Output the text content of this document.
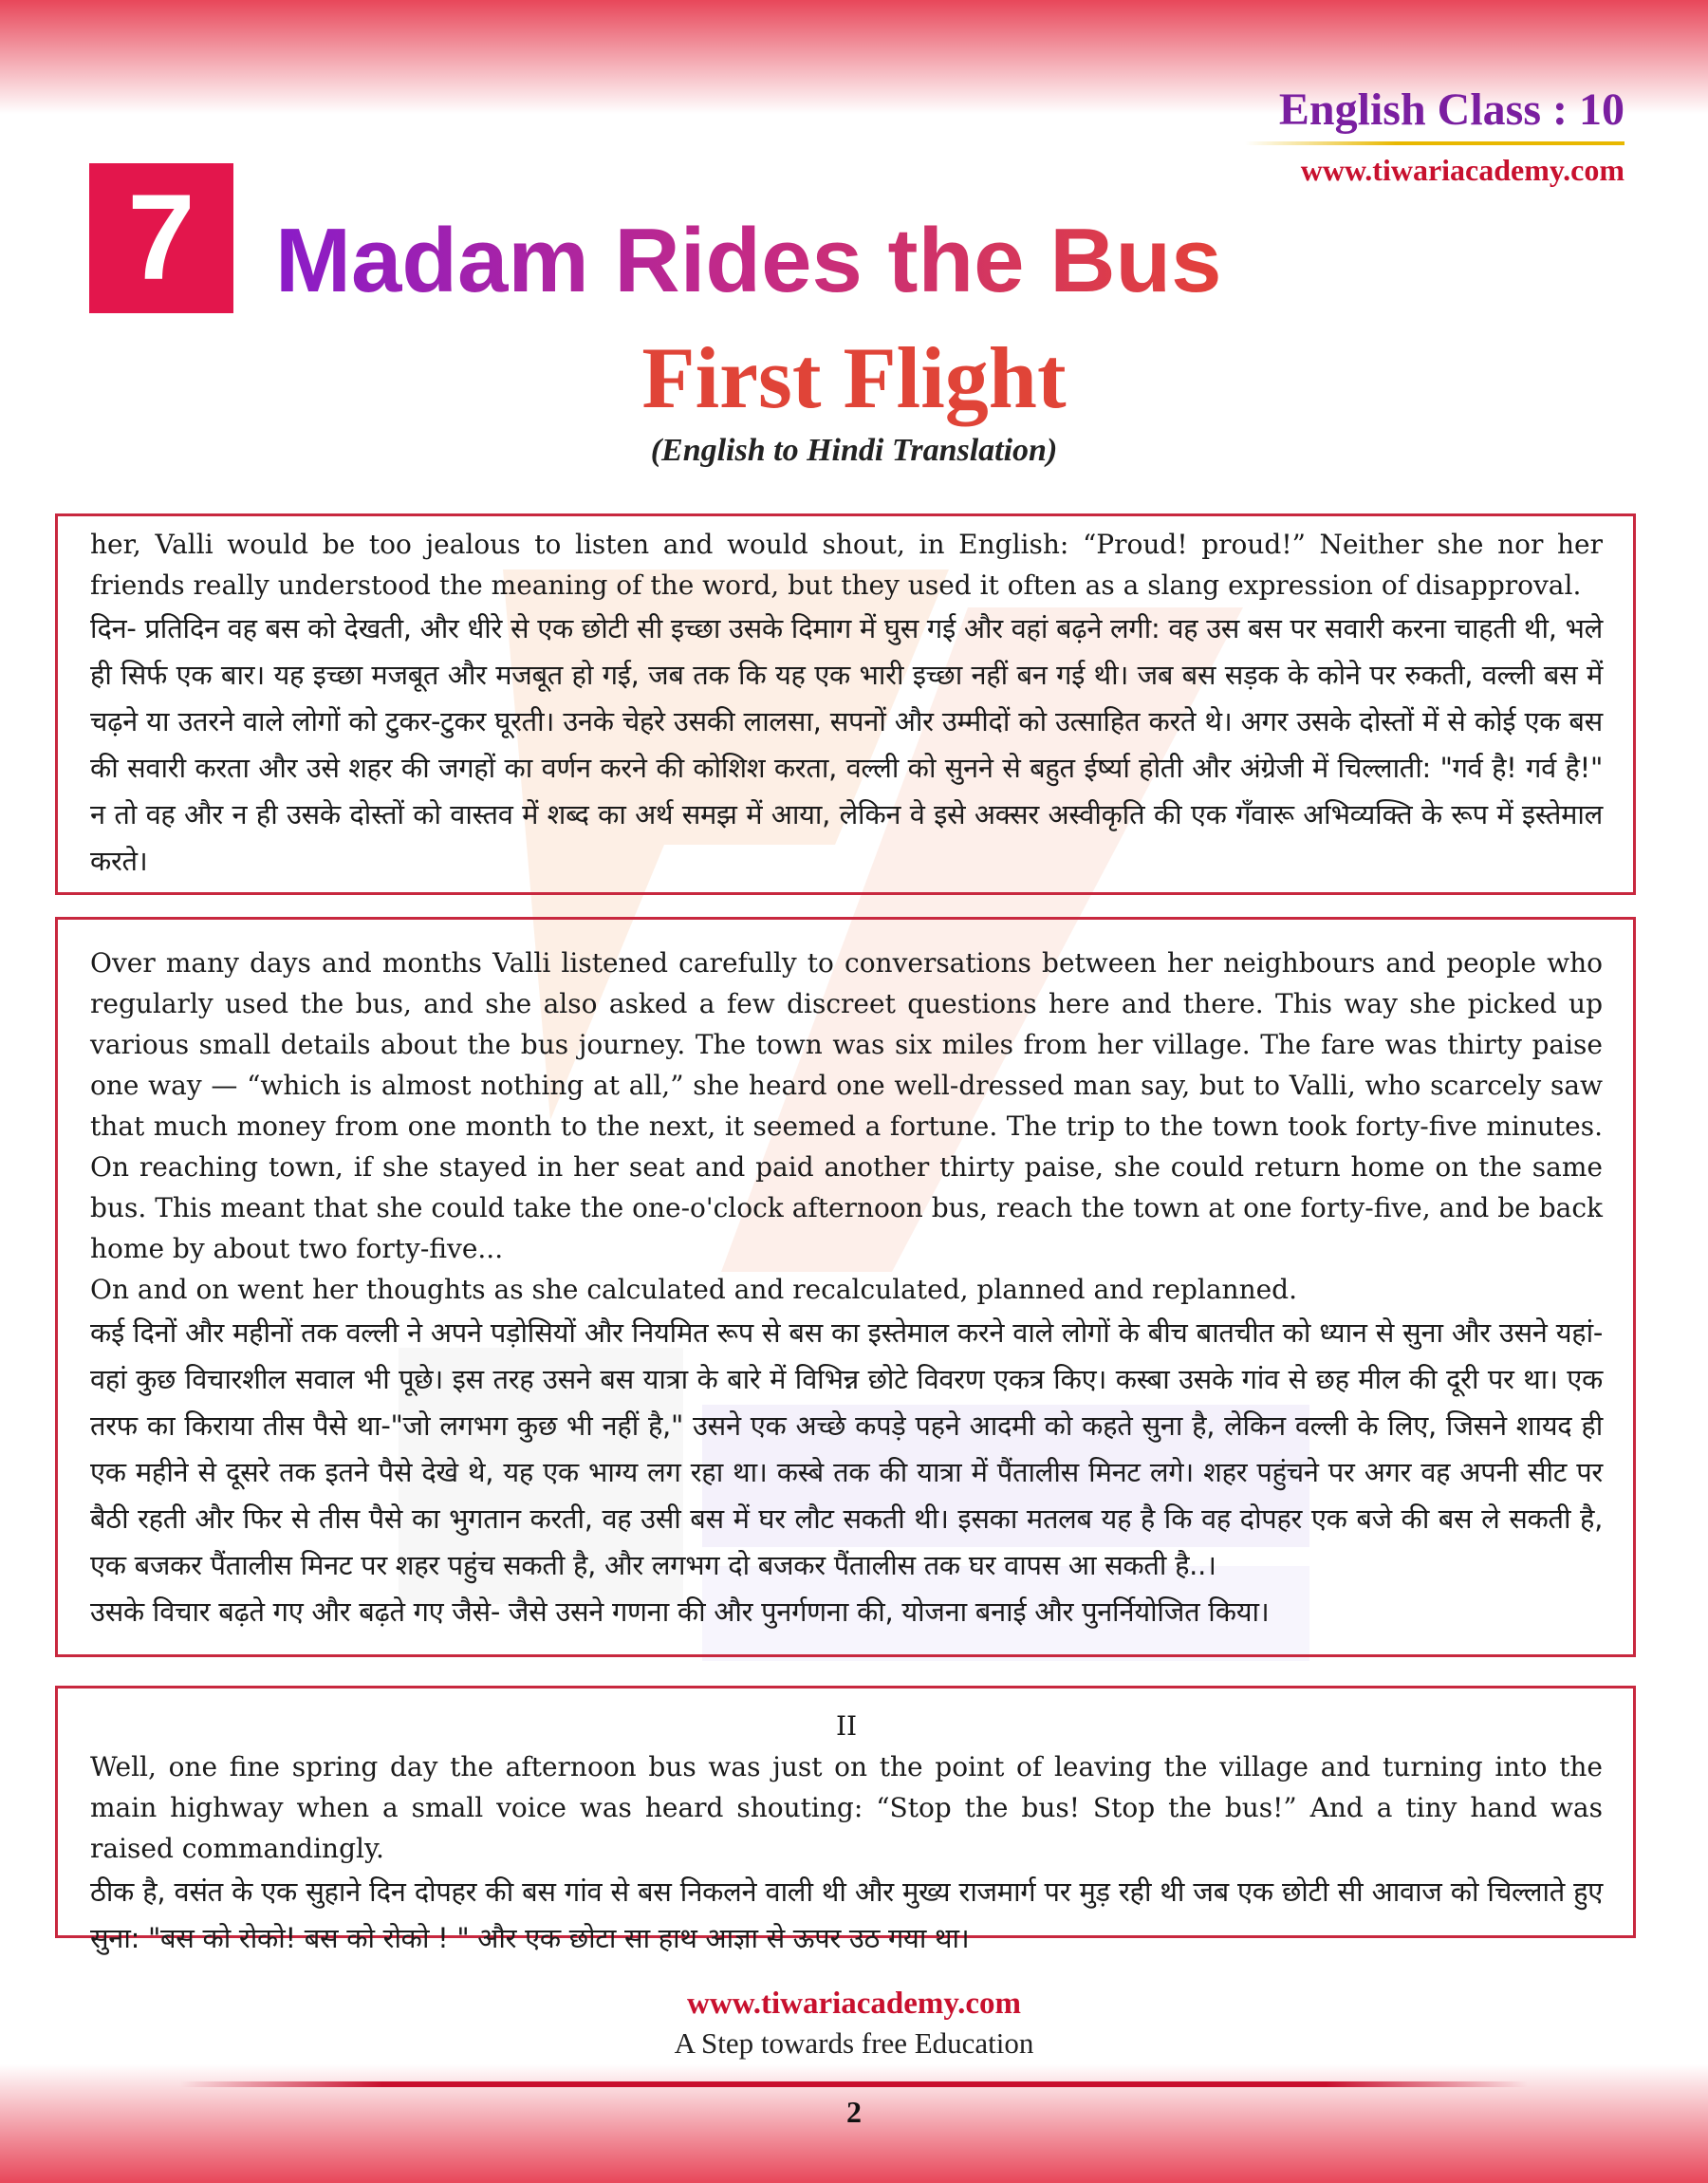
English Class : 10
www.tiwariacademy.com
7 Madam Rides the Bus
First Flight
(English to Hindi Translation)

her, Valli would be too jealous to listen and would shout, in English: “Proud! proud!” Neither she nor her friends really understood the meaning of the word, but they used it often as a slang expression of disapproval.

दिन- प्रतिदिन वह बस को देखती, और धीरे से एक छोटी सी इच्छा उसके दिमाग में घुस गई और वहां बढ़ने लगी: वह उस बस पर सवारी करना चाहती थी, भले ही सिर्फ एक बार। यह इच्छा मजबूत और मजबूत हो गई, जब तक कि यह एक भारी इच्छा नहीं बन गई थी। जब बस सड़क के कोने पर रुकती, वल्ली बस में चढ़ने या उतरने वाले लोगों को टुकर-टुकर घूरती। उनके चेहरे उसकी लालसा, सपनों और उम्मीदों को उत्साहित करते थे। अगर उसके दोस्तों में से कोई एक बस की सवारी करता और उसे शहर की जगहों का वर्णन करने की कोशिश करता, वल्ली को सुनने से बहुत ईर्ष्या होती और अंग्रेजी में चिल्लाती: "गर्व है! गर्व है!" न तो वह और न ही उसके दोस्तों को वास्तव में शब्द का अर्थ समझ में आया, लेकिन वे इसे अक्सर अस्वीकृति की एक गँवारू अभिव्यक्ति के रूप में इस्तेमाल करते।

Over many days and months Valli listened carefully to conversations between her neighbours and people who regularly used the bus, and she also asked a few discreet questions here and there. This way she picked up various small details about the bus journey. The town was six miles from her village. The fare was thirty paise one way — “which is almost nothing at all,” she heard one well-dressed man say, but to Valli, who scarcely saw that much money from one month to the next, it seemed a fortune. The trip to the town took forty-five minutes. On reaching town, if she stayed in her seat and paid another thirty paise, she could return home on the same bus. This meant that she could take the one-o'clock afternoon bus, reach the town at one forty-five, and be back home by about two forty-five...

On and on went her thoughts as she calculated and recalculated, planned and replanned.

कई दिनों और महीनों तक वल्ली ने अपने पड़ोसियों और नियमित रूप से बस का इस्तेमाल करने वाले लोगों के बीच बातचीत को ध्यान से सुना और उसने यहां-वहां कुछ विचारशील सवाल भी पूछे। इस तरह उसने बस यात्रा के बारे में विभिन्न छोटे विवरण एकत्र किए। कस्बा उसके गांव से छह मील की दूरी पर था। एक तरफ का किराया तीस पैसे था-"जो लगभग कुछ भी नहीं है," उसने एक अच्छे कपड़े पहने आदमी को कहते सुना है, लेकिन वल्ली के लिए, जिसने शायद ही एक महीने से दूसरे तक इतने पैसे देखे थे, यह एक भाग्य लग रहा था। कस्बे तक की यात्रा में पैंतालीस मिनट लगे। शहर पहुंचने पर अगर वह अपनी सीट पर बैठी रहती और फिर से तीस पैसे का भुगतान करती, वह उसी बस में घर लौट सकती थी। इसका मतलब यह है कि वह दोपहर एक बजे की बस ले सकती है, एक बजकर पैंतालीस मिनट पर शहर पहुंच सकती है, और लगभग दो बजकर पैंतालीस तक घर वापस आ सकती है..।

उसके विचार बढ़ते गए और बढ़ते गए जैसे- जैसे उसने गणना की और पुनर्गणना की, योजना बनाई और पुनर्नियोजित किया।

II

Well, one fine spring day the afternoon bus was just on the point of leaving the village and turning into the main highway when a small voice was heard shouting: “Stop the bus! Stop the bus!” And a tiny hand was raised commandingly.

ठीक है, वसंत के एक सुहाने दिन दोपहर की बस गांव से बस निकलने वाली थी और मुख्य राजमार्ग पर मुड़ रही थी जब एक छोटी सी आवाज को चिल्लाते हुए सुना: "बस को रोको! बस को रोको ! " और एक छोटा सा हाथ आज्ञा से ऊपर उठ गया था।

www.tiwariacademy.com
A Step towards free Education
2
